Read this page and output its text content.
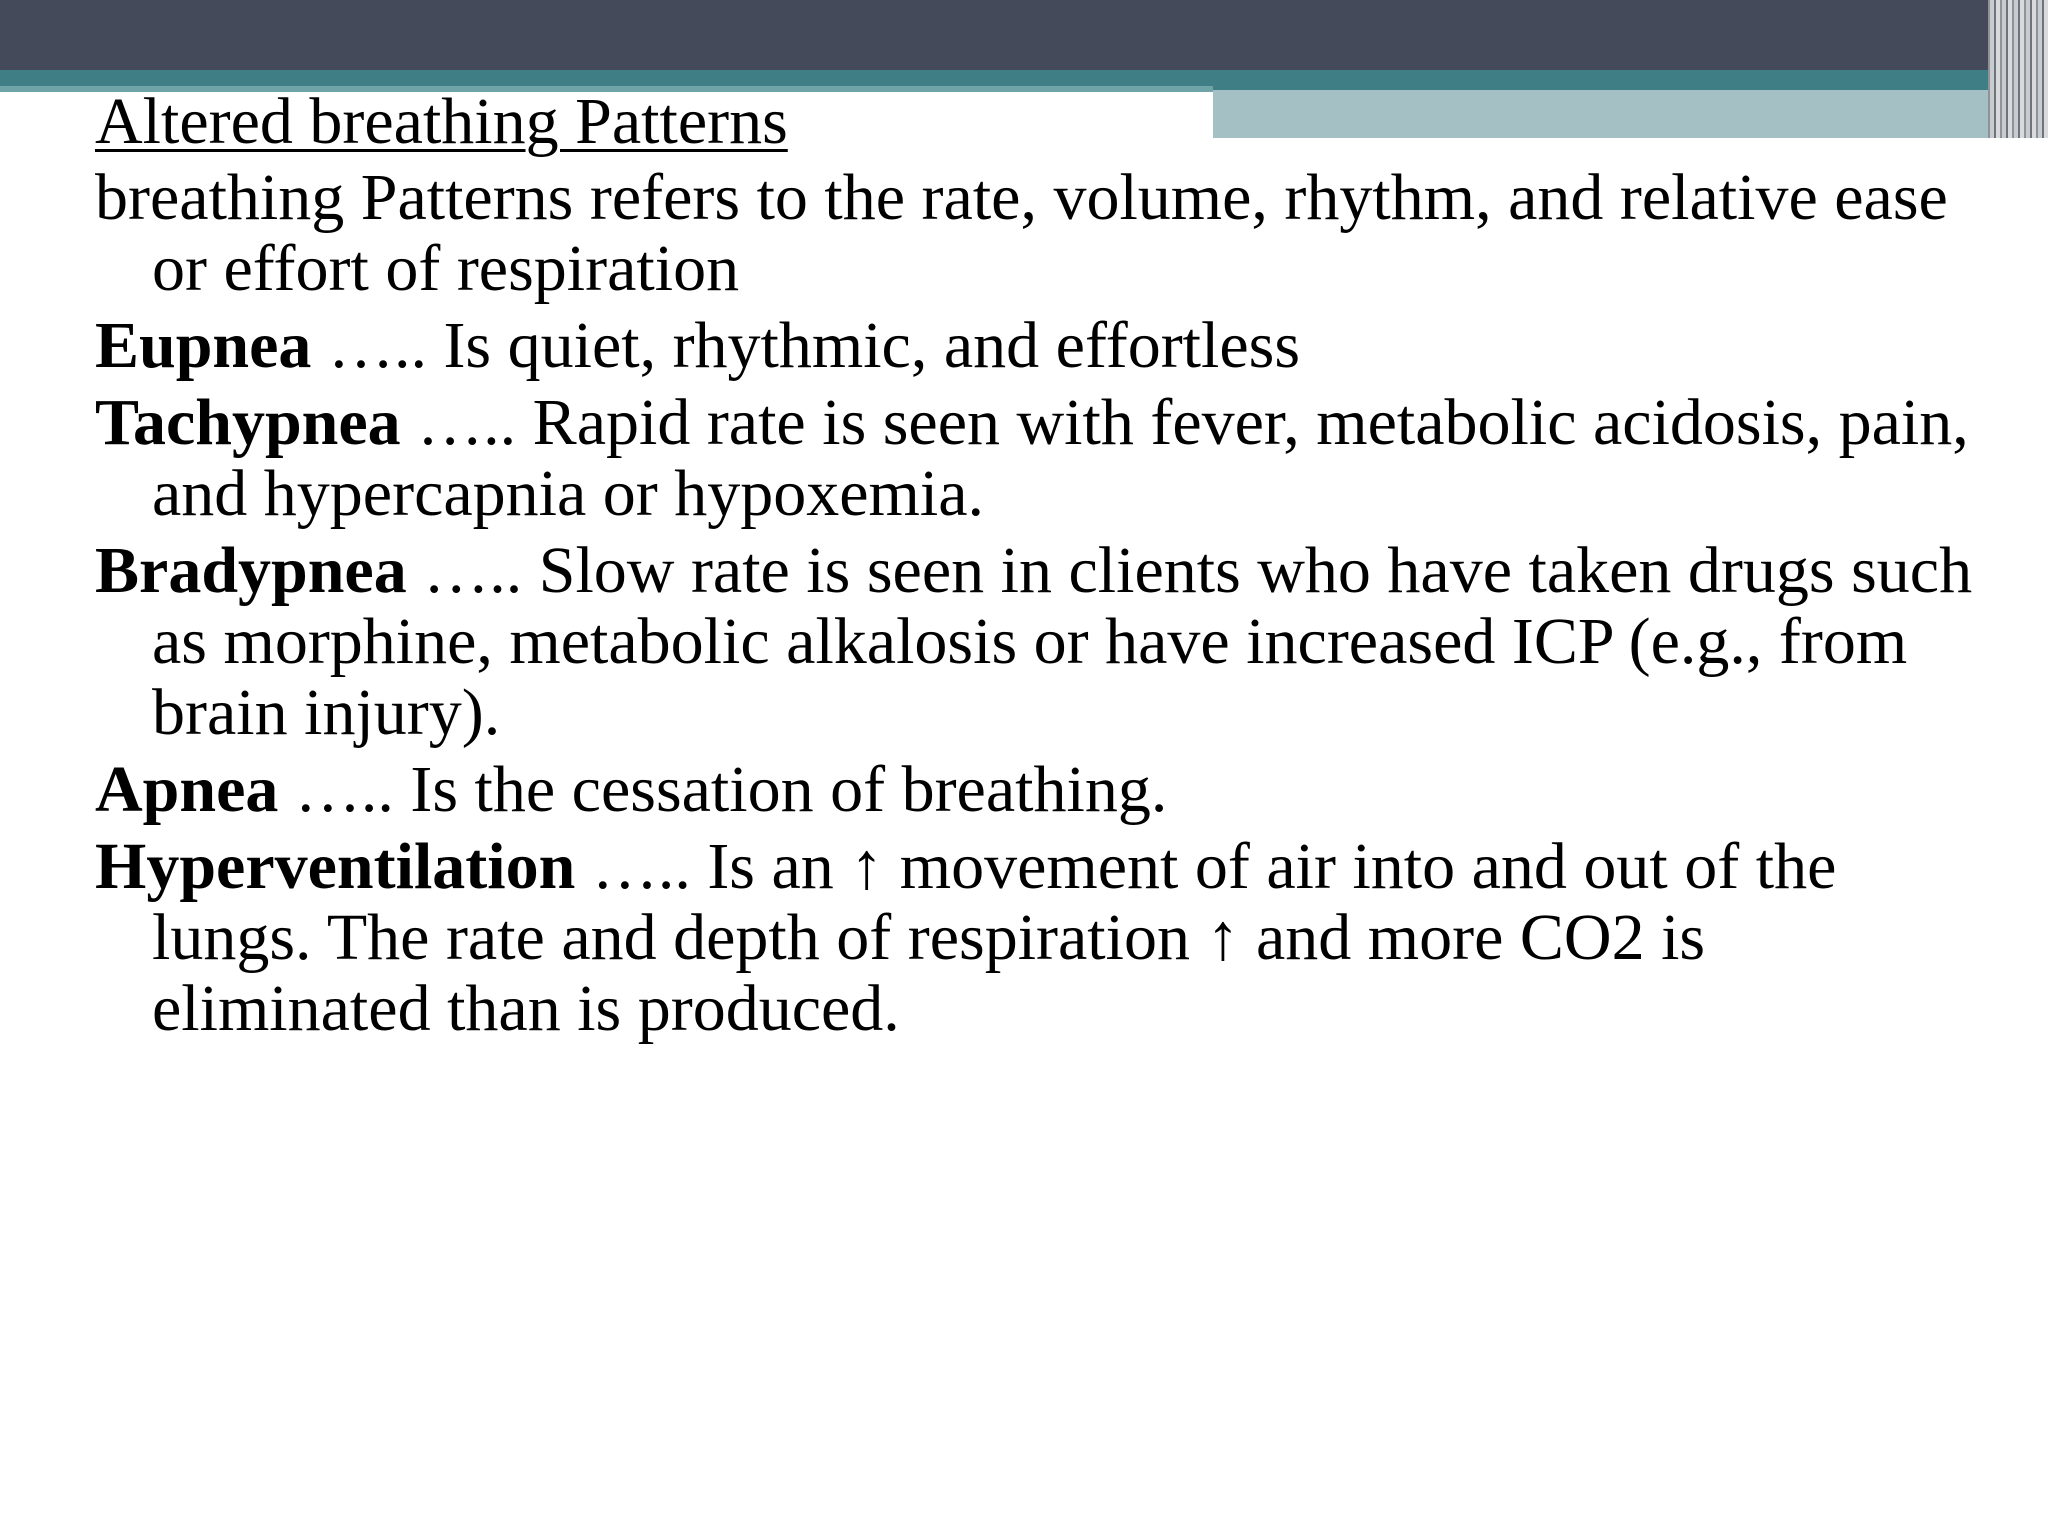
Altered breathing Patterns

breathing Patterns refers to the rate, volume, rhythm, and relative ease or effort of respiration

Eupnea ….. Is quiet, rhythmic, and effortless

Tachypnea ….. Rapid rate is seen with fever, metabolic acidosis, pain, and hypercapnia or hypoxemia.

Bradypnea ….. Slow rate is seen in clients who have taken drugs such as morphine, metabolic alkalosis or have increased ICP (e.g., from brain injury).

Apnea ….. Is the cessation of breathing.

Hyperventilation ….. Is an ↑ movement of air into and out of the lungs. The rate and depth of respiration ↑ and more CO2 is eliminated than is produced.
